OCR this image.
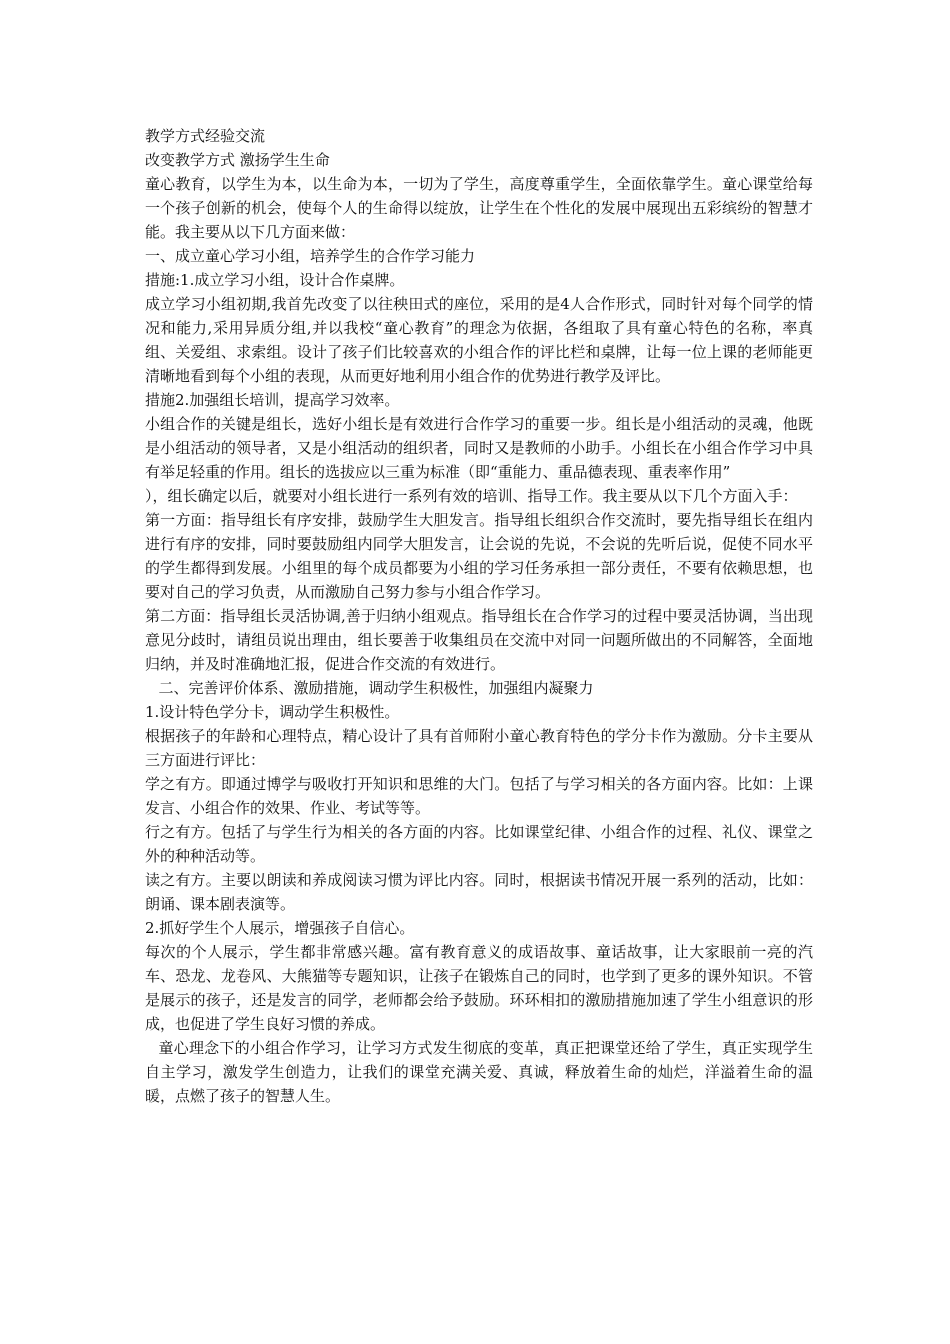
教学方式经验交流

改变教学方式 激扬学生生命

童心教育，以学生为本，以生命为本，一切为了学生，高度尊重学生，全面依靠学生。童心课堂给每一个孩子创新的机会，使每个人的生命得以绽放，让学生在个性化的发展中展现出五彩缤纷的智慧才能。我主要从以下几方面来做：

一、成立童心学习小组，培养学生的合作学习能力

措施:1.成立学习小组，设计合作桌牌。

成立学习小组初期,我首先改变了以往秧田式的座位，采用的是4人合作形式，同时针对每个同学的情况和能力,采用异质分组,并以我校“童心教育”的理念为依据，各组取了具有童心特色的名称，率真组、关爱组、求索组。设计了孩子们比较喜欢的小组合作的评比栏和桌牌，让每一位上课的老师能更清晰地看到每个小组的表现，从而更好地利用小组合作的优势进行教学及评比。

措施2.加强组长培训，提高学习效率。

小组合作的关键是组长，选好小组长是有效进行合作学习的重要一步。组长是小组活动的灵魂，他既是小组活动的领导者，又是小组活动的组织者，同时又是教师的小助手。小组长在小组合作学习中具有举足轻重的作用。组长的选拔应以三重为标准（即“重能力、重品德表现、重表率作用”

），组长确定以后，就要对小组长进行一系列有效的培训、指导工作。我主要从以下几个方面入手：

第一方面：指导组长有序安排，鼓励学生大胆发言。指导组长组织合作交流时，要先指导组长在组内进行有序的安排，同时要鼓励组内同学大胆发言，让会说的先说，不会说的先听后说，促使不同水平的学生都得到发展。小组里的每个成员都要为小组的学习任务承担一部分责任，不要有依赖思想，也要对自己的学习负责，从而激励自己努力参与小组合作学习。

第二方面：指导组长灵活协调,善于归纳小组观点。指导组长在合作学习的过程中要灵活协调，当出现意见分歧时，请组员说出理由，组长要善于收集组员在交流中对同一问题所做出的不同解答，全面地归纳，并及时准确地汇报，促进合作交流的有效进行。

二、完善评价体系、激励措施，调动学生积极性，加强组内凝聚力

1.设计特色学分卡，调动学生积极性。

根据孩子的年龄和心理特点，精心设计了具有首师附小童心教育特色的学分卡作为激励。分卡主要从三方面进行评比：

学之有方。即通过博学与吸收打开知识和思维的大门。包括了与学习相关的各方面内容。比如：上课发言、小组合作的效果、作业、考试等等。

行之有方。包括了与学生行为相关的各方面的内容。比如课堂纪律、小组合作的过程、礼仪、课堂之外的种种活动等。

读之有方。主要以朗读和养成阅读习惯为评比内容。同时，根据读书情况开展一系列的活动，比如：朗诵、课本剧表演等。

2.抓好学生个人展示，增强孩子自信心。

每次的个人展示，学生都非常感兴趣。富有教育意义的成语故事、童话故事，让大家眼前一亮的汽车、恐龙、龙卷风、大熊猫等专题知识，让孩子在锻炼自己的同时，也学到了更多的课外知识。不管是展示的孩子，还是发言的同学，老师都会给予鼓励。环环相扣的激励措施加速了学生小组意识的形成，也促进了学生良好习惯的养成。

童心理念下的小组合作学习，让学习方式发生彻底的变革，真正把课堂还给了学生，真正实现学生自主学习，激发学生创造力，让我们的课堂充满关爱、真诚，释放着生命的灿烂，洋溢着生命的温暖，点燃了孩子的智慧人生。
